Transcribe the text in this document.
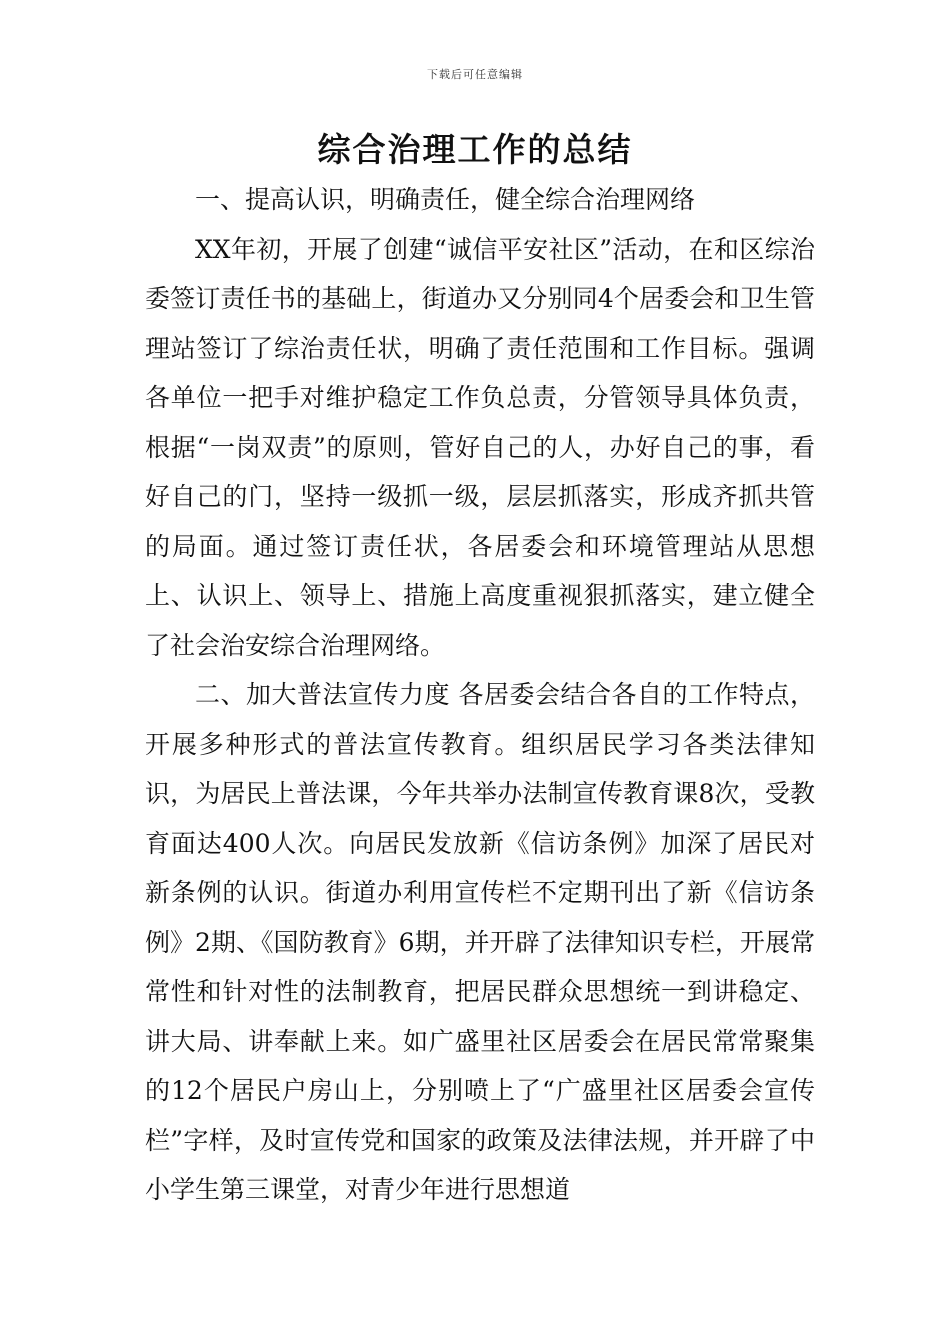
下载后可任意编辑
综合治理工作的总结

一、提高认识，明确责任，健全综合治理网络

XX年初，开展了创建“诚信平安社区”活动，在和区综治委签订责任书的基础上，街道办又分别同4个居委会和卫生管理站签订了综治责任状，明确了责任范围和工作目标。强调各单位一把手对维护稳定工作负总责，分管领导具体负责，根据“一岗双责”的原则，管好自己的人，办好自己的事，看好自己的门，坚持一级抓一级，层层抓落实，形成齐抓共管的局面。通过签订责任状，各居委会和环境管理站从思想上、认识上、领导上、措施上高度重视狠抓落实，建立健全了社会治安综合治理网络。

二、加大普法宣传力度 各居委会结合各自的工作特点，开展多种形式的普法宣传教育。组织居民学习各类法律知识，为居民上普法课，今年共举办法制宣传教育课8次，受教育面达400人次。向居民发放新《信访条例》加深了居民对新条例的认识。街道办利用宣传栏不定期刊出了新《信访条例》2期、《国防教育》6期，并开辟了法律知识专栏，开展常常性和针对性的法制教育，把居民群众思想统一到讲稳定、讲大局、讲奉献上来。如广盛里社区居委会在居民常常聚集的12个居民户房山上，分别喷上了“广盛里社区居委会宣传栏”字样，及时宣传党和国家的政策及法律法规，并开辟了中小学生第三课堂，对青少年进行思想道
